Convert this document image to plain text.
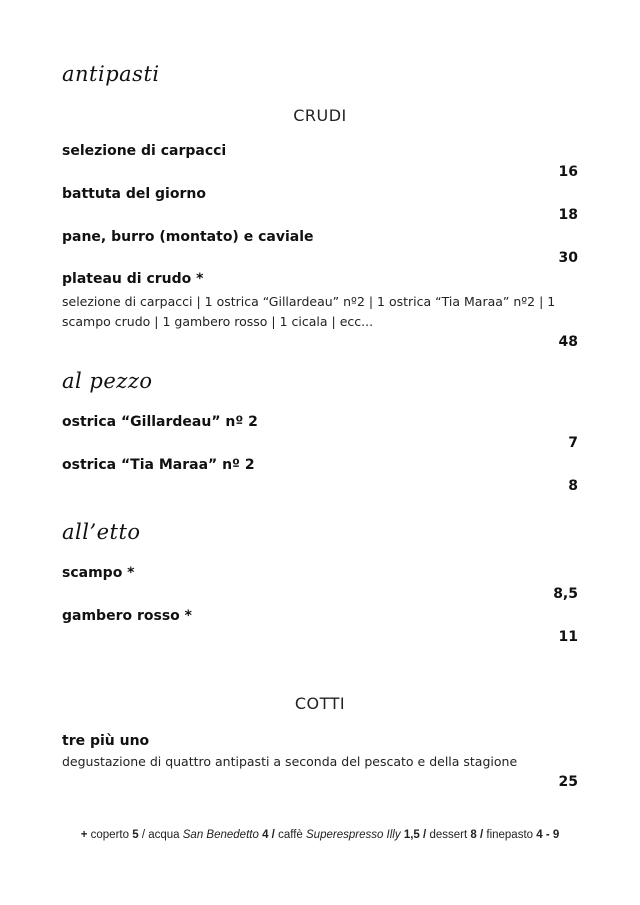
antipasti
CRUDI
selezione di carpacci
16
battuta del giorno
18
pane, burro (montato) e caviale
30
plateau di crudo *
selezione di carpacci | 1 ostrica “Gillardeau” nº2 | 1 ostrica “Tia Maraa” nº2 | 1 scampo crudo | 1 gambero rosso | 1 cicala | ecc...
48
al pezzo
ostrica “Gillardeau” nº 2
7
ostrica “Tia Maraa” nº 2
8
all’etto
scampo *
8,5
gambero rosso *
11
COTTI
tre più uno
degustazione di quattro antipasti a seconda del pescato e della stagione
25
+ coperto 5 / acqua San Benedetto 4 / caffè Superespresso Illy 1,5 / dessert 8 / finepasto 4 - 9
